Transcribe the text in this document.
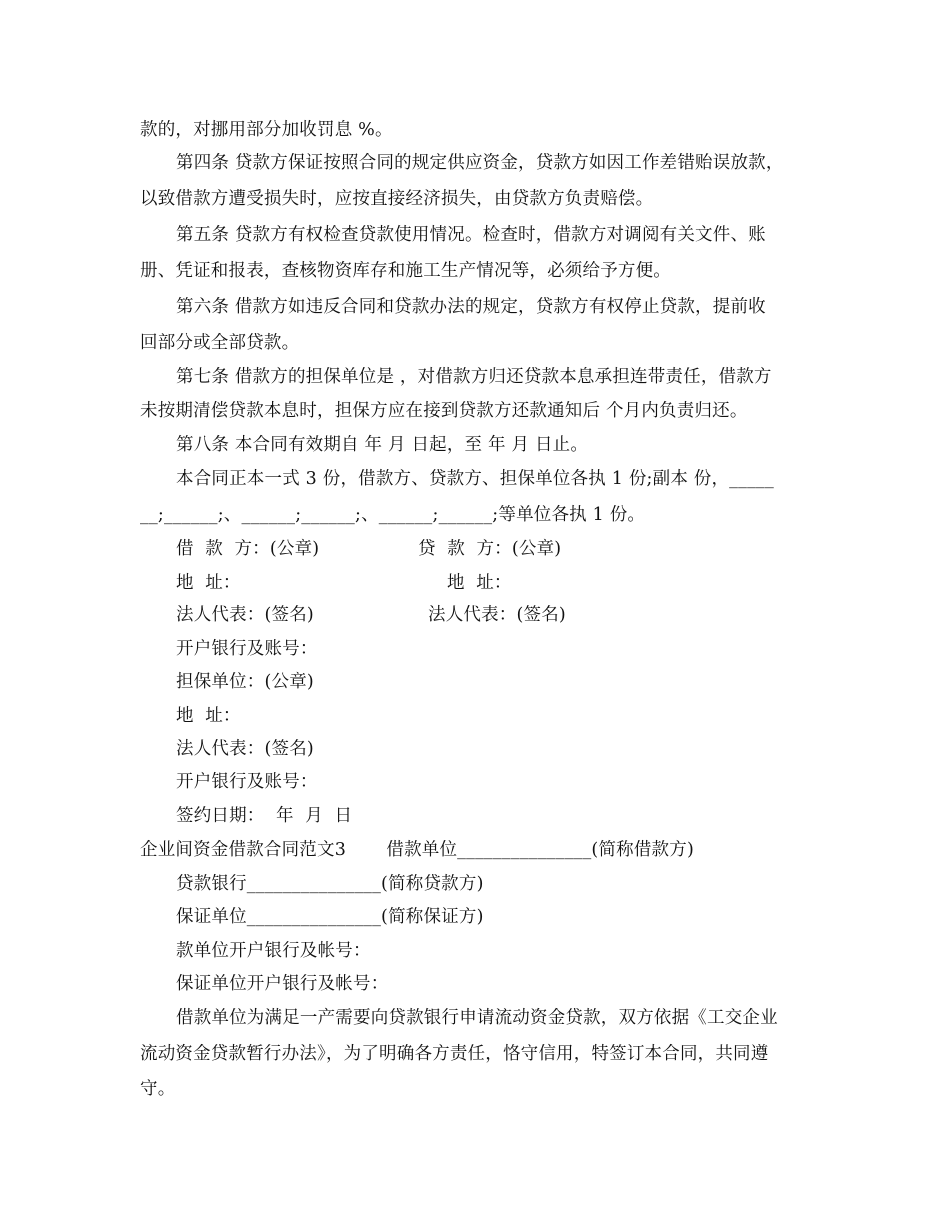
款的，对挪用部分加收罚息 %。
第四条 贷款方保证按照合同的规定供应资金，贷款方如因工作差错贻误放款，
以致借款方遭受损失时，应按直接经济损失，由贷款方负责赔偿。
第五条 贷款方有权检查贷款使用情况。检查时，借款方对调阅有关文件、账
册、凭证和报表，查核物资库存和施工生产情况等，必须给予方便。
第六条 借款方如违反合同和贷款办法的规定，贷款方有权停止贷款，提前收
回部分或全部贷款。
第七条 借款方的担保单位是 ，对借款方归还贷款本息承担连带责任，借款方
未按期清偿贷款本息时，担保方应在接到贷款方还款通知后 个月内负责归还。
第八条 本合同有效期自 年 月 日起，至 年 月 日止。
本合同正本一式 3 份，借款方、贷款方、担保单位各执 1 份;副本 份，_____
__;______;、______;______;、______;______;等单位各执 1 份。
借  款  方：(公章)	贷  款  方：(公章)
地  址：	地  址：
法人代表：(签名)	法人代表：(签名)
开户银行及账号：
担保单位：(公章)
地  址：
法人代表：(签名)
开户银行及账号：
签约日期：  年  月  日
企业间资金借款合同范文3       借款单位_______________(简称借款方)
贷款银行_______________(简称贷款方)
保证单位_______________(简称保证方)
款单位开户银行及帐号：
保证单位开户银行及帐号：
借款单位为满足一产需要向贷款银行申请流动资金贷款，双方依据《工交企业
流动资金贷款暂行办法》，为了明确各方责任，恪守信用，特签订本合同，共同遵
守。
